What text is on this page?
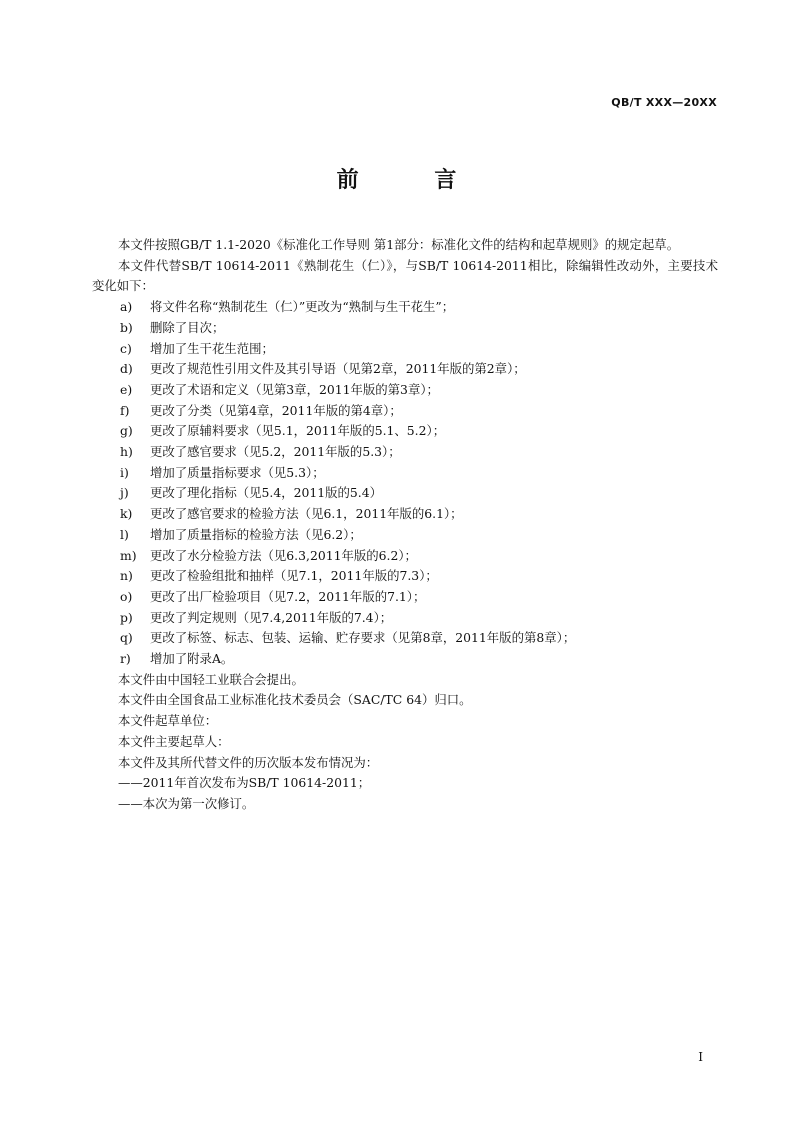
QB/T XXX—20XX
前 言
本文件按照GB/T 1.1-2020《标准化工作导则 第1部分：标准化文件的结构和起草规则》的规定起草。
本文件代替SB/T 10614-2011《熟制花生（仁）》，与SB/T 10614-2011相比，除编辑性改动外，主要技术变化如下：
a)	将文件名称“熟制花生（仁）”更改为“熟制与生干花生”；
b)	删除了目次；
c)	增加了生干花生范围；
d)	更改了规范性引用文件及其引导语（见第2章，2011年版的第2章）；
e)	更改了术语和定义（见第3章，2011年版的第3章）；
f)	更改了分类（见第4章，2011年版的第4章）；
g)	更改了原辅料要求（见5.1，2011年版的5.1、5.2）；
h)	更改了感官要求（见5.2，2011年版的5.3）；
i)	增加了质量指标要求（见5.3）；
j)	更改了理化指标（见5.4，2011版的5.4）
k)	更改了感官要求的检验方法（见6.1，2011年版的6.1）；
l)	增加了质量指标的检验方法（见6.2）；
m)	更改了水分检验方法（见6.3,2011年版的6.2）；
n)	更改了检验组批和抽样（见7.1，2011年版的7.3）；
o)	更改了出厂检验项目（见7.2，2011年版的7.1）；
p)	更改了判定规则（见7.4,2011年版的7.4）；
q)	更改了标签、标志、包装、运输、贮存要求（见第8章，2011年版的第8章）；
r)	增加了附录A。
本文件由中国轻工业联合会提出。
本文件由全国食品工业标准化技术委员会（SAC/TC 64）归口。
本文件起草单位：
本文件主要起草人：
本文件及其所代替文件的历次版本发布情况为：
——2011年首次发布为SB/T 10614-2011；
——本次为第一次修订。
I
